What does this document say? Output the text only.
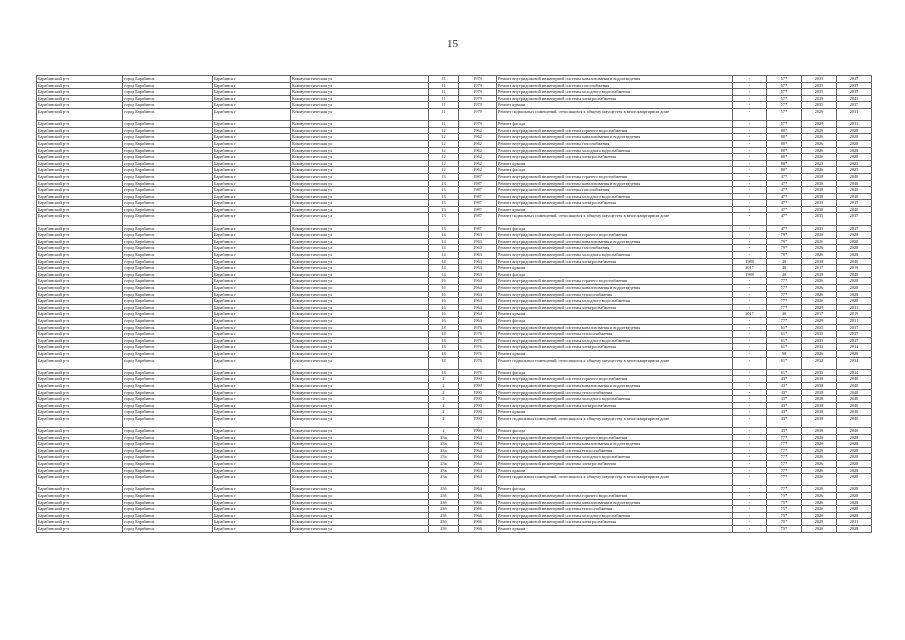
15
Барабинский р-н	город Барабинск	Барабинск г	Коммунистическая ул	11	1979	Ремонт внутридомовой инженерной системы канализования и водоотведения	-	57*	2035	2037
Барабинский р-н	город Барабинск	Барабинск г	Коммунистическая ул	11	1979	Ремонт внутридомовой инженерной системы газоснабжения	-	57*	2035	2037
Барабинский р-н	город Барабинск	Барабинск г	Коммунистическая ул	11	1979	Ремонт внутридомовой инженерной системы холодного водоснабжения	-	57*	2035	2037
Барабинский р-н	город Барабинск	Барабинск г	Коммунистическая ул	11	1979	Ремонт внутридомовой инженерной системы электроснабжения	-	57*	2039	2041
Барабинский р-н	город Барабинск	Барабинск г	Коммунистическая ул	11	1979	Ремонт крыши	-	57*	2035	2037
Барабинский р-н	город Барабинск	Барабинск г	Коммунистическая ул	11	1979	Ремонт подвальных помещений, относящихся к общему имуществу в многоквартирном доме	-	57*	2029	2031
Барабинский р-н	город Барабинск	Барабинск г	Коммунистическая ул	11	1979	Ремонт фасада	-	57*	2029	2031
Барабинский р-н	город Барабинск	Барабинск г	Коммунистическая ул	12	1962	Ремонт внутридомовой инженерной системы горячего водоснабжения	-	80*	2026	2028
Барабинский р-н	город Барабинск	Барабинск г	Коммунистическая ул	12	1962	Ремонт внутридомовой инженерной системы канализования и водоотведения	-	80*	2026	2028
Барабинский р-н	город Барабинск	Барабинск г	Коммунистическая ул	12	1962	Ремонт внутридомовой инженерной системы газоснабжения	-	80*	2026	2028
Барабинский р-н	город Барабинск	Барабинск г	Коммунистическая ул	12	1962	Ремонт внутридомовой инженерной системы холодного водоснабжения	-	80*	2026	2028
Барабинский р-н	город Барабинск	Барабинск г	Коммунистическая ул	12	1962	Ремонт внутридомовой инженерной системы электроснабжения	-	80*	2026	2028
Барабинский р-н	город Барабинск	Барабинск г	Коммунистическая ул	12	1962	Ремонт крыши	-	80*	2023	2023
Барабинский р-н	город Барабинск	Барабинск г	Коммунистическая ул	12	1962	Ремонт фасада	-	80*	2026	2025
Барабинский р-н	город Барабинск	Барабинск г	Коммунистическая ул	13	1987	Ремонт внутридомовой инженерной системы горячего водоснабжения	-	47*	2038	2040
Барабинский р-н	город Барабинск	Барабинск г	Коммунистическая ул	13	1987	Ремонт внутридомовой инженерной системы канализования и водоотведения	-	47*	2038	2040
Барабинский р-н	город Барабинск	Барабинск г	Коммунистическая ул	13	1987	Ремонт внутридомовой инженерной системы газоснабжения	-	47*	2038	2040
Барабинский р-н	город Барабинск	Барабинск г	Коммунистическая ул	13	1987	Ремонт внутридомовой инженерной системы холодного водоснабжения	-	47*	2038	2040
Барабинский р-н	город Барабинск	Барабинск г	Коммунистическая ул	13	1987	Ремонт внутридомовой инженерной системы электроснабжения	-	47*	2035	2037
Барабинский р-н	город Барабинск	Барабинск г	Коммунистическая ул	13	1987	Ремонт крыши	-	47*	2038	2040
Барабинский р-н	город Барабинск	Барабинск г	Коммунистическая ул	13	1987	Ремонт подвальных помещений, относящихся к общему имуществу в многоквартирном доме	-	47*	2035	2037
Барабинский р-н	город Барабинск	Барабинск г	Коммунистическая ул	13	1987	Ремонт фасада	-	47*	2035	2037
Барабинский р-н	город Барабинск	Барабинск г	Коммунистическая ул	14	1963	Ремонт внутридомовой инженерной системы горячего водоснабжения	-	79*	2026	2028
Барабинский р-н	город Барабинск	Барабинск г	Коммунистическая ул	14	1963	Ремонт внутридомовой инженерной системы канализования и водоотведения	-	79*	2026	2028
Барабинский р-н	город Барабинск	Барабинск г	Коммунистическая ул	14	1963	Ремонт внутридомовой инженерной системы газоснабжения	-	79*	2026	2028
Барабинский р-н	город Барабинск	Барабинск г	Коммунистическая ул	14	1963	Ремонт внутридомовой инженерной системы холодного водоснабжения	-	79*	2026	2028
Барабинский р-н	город Барабинск	Барабинск г	Коммунистическая ул	14	1963	Ремонт внутридомовой инженерной системы электроснабжения	1988	40	2038	2040
Барабинский р-н	город Барабинск	Барабинск г	Коммунистическая ул	14	1963	Ремонт крыши	2017	40	2017	2019
Барабинский р-н	город Барабинск	Барабинск г	Коммунистическая ул	14	1963	Ремонт фасада	1988	40	2038	2040
Барабинский р-н	город Барабинск	Барабинск г	Коммунистическая ул	16	1964	Ремонт внутридомовой инженерной системы горячего водоснабжения	-	77*	2026	2028
Барабинский р-н	город Барабинск	Барабинск г	Коммунистическая ул	16	1964	Ремонт внутридомовой инженерной системы канализования и водоотведения	-	77*	2026	2028
Барабинский р-н	город Барабинск	Барабинск г	Коммунистическая ул	16	1964	Ремонт внутридомовой инженерной системы теплоснабжения	-	77*	2026	2028
Барабинский р-н	город Барабинск	Барабинск г	Коммунистическая ул	16	1964	Ремонт внутридомовой инженерной системы холодного водоснабжения	-	77*	2026	2028
Барабинский р-н	город Барабинск	Барабинск г	Коммунистическая ул	16	1964	Ремонт внутридомовой инженерной системы электроснабжения	-	77*	2029	2031
Барабинский р-н	город Барабинск	Барабинск г	Коммунистическая ул	16	1964	Ремонт крыши	2017	40	2017	2019
Барабинский р-н	город Барабинск	Барабинск г	Коммунистическая ул	16	1964	Ремонт фасада	-	77*	2029	2031
Барабинский р-н	город Барабинск	Барабинск г	Коммунистическая ул	18	1976	Ремонт внутридомовой инженерной системы канализования и водоотведения	-	61*	2035	2037
Барабинский р-н	город Барабинск	Барабинск г	Коммунистическая ул	18	1976	Ремонт внутридомовой инженерной системы теплоснабжения	-	61*	2035	2037
Барабинский р-н	город Барабинск	Барабинск г	Коммунистическая ул	18	1976	Ремонт внутридомовой инженерной системы холодного водоснабжения	-	61*	2035	2037
Барабинский р-н	город Барабинск	Барабинск г	Коммунистическая ул	18	1976	Ремонт внутридомовой инженерной системы электроснабжения	-	61*	2032	2034
Барабинский р-н	город Барабинск	Барабинск г	Коммунистическая ул	18	1976	Ремонт крыши	-	98	2026	2028
Барабинский р-н	город Барабинск	Барабинск г	Коммунистическая ул	18	1976	Ремонт подвальных помещений, относящихся к общему имуществу в многоквартирном доме	-	61*	2032	2034
Барабинский р-н	город Барабинск	Барабинск г	Коммунистическая ул	18	1976	Ремонт фасада	-	61*	2032	2034
Барабинский р-н	город Барабинск	Барабинск г	Коммунистическая ул	2	1990	Ремонт внутридомовой инженерной системы горячего водоснабжения	-	43*	2038	2040
Барабинский р-н	город Барабинск	Барабинск г	Коммунистическая ул	2	1990	Ремонт внутридомовой инженерной системы канализования и водоотведения	-	43*	2038	2040
Барабинский р-н	город Барабинск	Барабинск г	Коммунистическая ул	2	1990	Ремонт внутридомовой инженерной системы теплоснабжения	-	43*	2038	2040
Барабинский р-н	город Барабинск	Барабинск г	Коммунистическая ул	2	1990	Ремонт внутридомовой инженерной системы холодного водоснабжения	-	43*	2038	2040
Барабинский р-н	город Барабинск	Барабинск г	Коммунистическая ул	2	1990	Ремонт внутридомовой инженерной системы электроснабжения	-	43*	2038	2040
Барабинский р-н	город Барабинск	Барабинск г	Коммунистическая ул	2	1990	Ремонт крыши	-	43*	2038	2040
Барабинский р-н	город Барабинск	Барабинск г	Коммунистическая ул	2	1990	Ремонт подвальных помещений, относящихся к общему имуществу в многоквартирном доме	-	43*	2038	2040
Барабинский р-н	город Барабинск	Барабинск г	Коммунистическая ул	2	1990	Ремонт фасада	-	43*	2038	2040
Барабинский р-н	город Барабинск	Барабинск г	Коммунистическая ул	23а	1964	Ремонт внутридомовой инженерной системы горячего водоснабжения	-	77*	2026	2028
Барабинский р-н	город Барабинск	Барабинск г	Коммунистическая ул	23а	1964	Ремонт внутридомовой инженерной системы канализования и водоотведения	-	77*	2026	2028
Барабинский р-н	город Барабинск	Барабинск г	Коммунистическая ул	23а	1964	Ремонт внутридомовой инженерной системы теплоснабжения	-	77*	2026	2028
Барабинский р-н	город Барабинск	Барабинск г	Коммунистическая ул	23а	1964	Ремонт внутридомовой инженерной системы холодного водоснабжения	-	77*	2026	2028
Барабинский р-н	город Барабинск	Барабинск г	Коммунистическая ул	23а	1964	Ремонт внутридомовой инженерной системы электроснабжения	-	77*	2026	2028
Барабинский р-н	город Барабинск	Барабинск г	Коммунистическая ул	23а	1964	Ремонт крыши	-	77*	2026	2028
Барабинский р-н	город Барабинск	Барабинск г	Коммунистическая ул	23а	1964	Ремонт подвальных помещений, относящихся к общему имуществу в многоквартирном доме	-	77*	2026	2028
Барабинский р-н	город Барабинск	Барабинск г	Коммунистическая ул	23б	1964	Ремонт фасада	-	77*	2026	2028
Барабинский р-н	город Барабинск	Барабинск г	Коммунистическая ул	23б	1966	Ремонт внутридомовой инженерной системы горячего водоснабжения	-	75*	2026	2028
Барабинский р-н	город Барабинск	Барабинск г	Коммунистическая ул	23б	1966	Ремонт внутридомовой инженерной системы канализования и водоотведения	-	75*	2026	2028
Барабинский р-н	город Барабинск	Барабинск г	Коммунистическая ул	23б	1966	Ремонт внутридомовой инженерной системы теплоснабжения	-	75*	2026	2028
Барабинский р-н	город Барабинск	Барабинск г	Коммунистическая ул	23б	1966	Ремонт внутридомовой инженерной системы холодного водоснабжения	-	75*	2026	2028
Барабинский р-н	город Барабинск	Барабинск г	Коммунистическая ул	23б	1966	Ремонт внутридомовой инженерной системы электроснабжения	-	75*	2029	2031
Барабинский р-н	город Барабинск	Барабинск г	Коммунистическая ул	23б	1966	Ремонт крыши	-	75*	2026	2028
